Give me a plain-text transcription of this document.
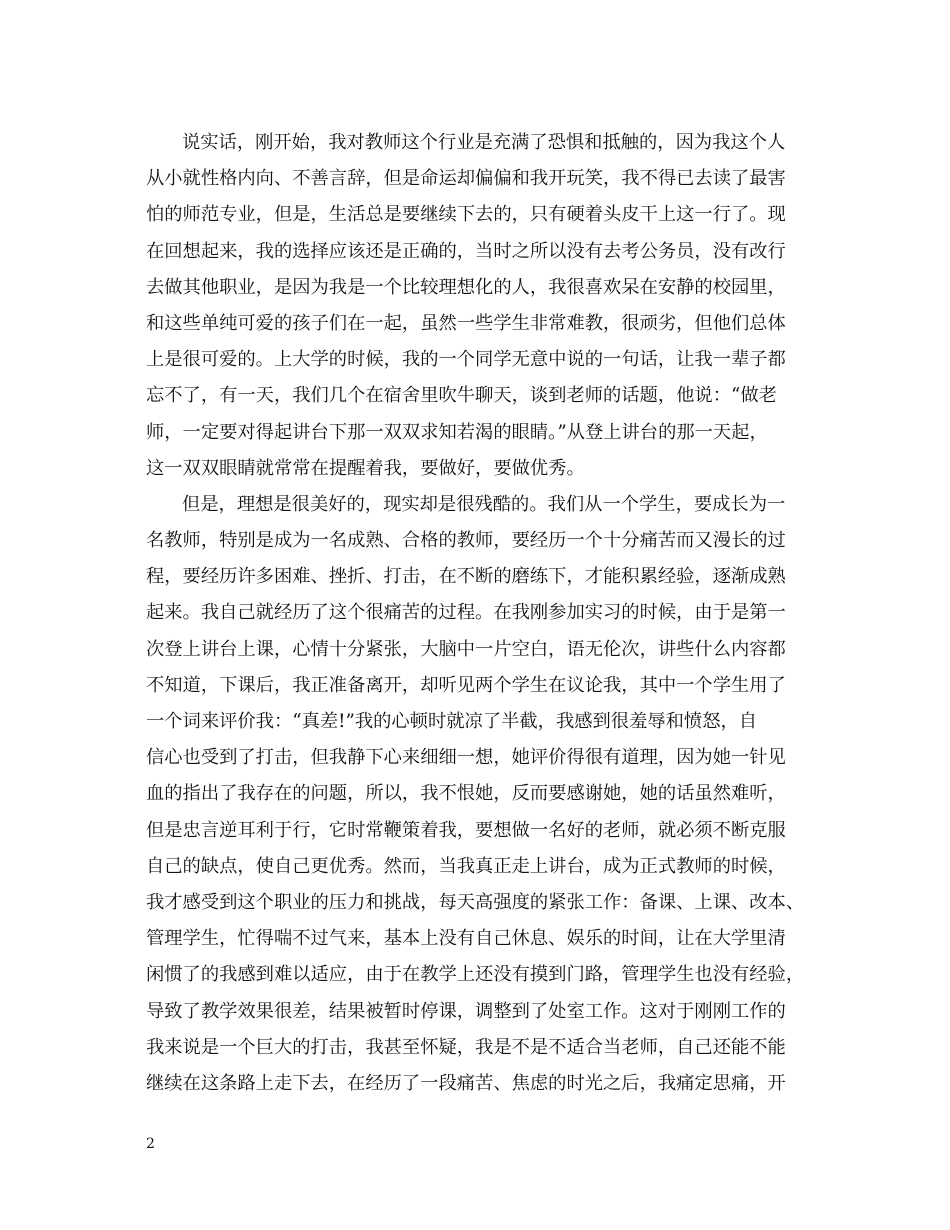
说实话，刚开始，我对教师这个行业是充满了恐惧和抵触的，因为我这个人
从小就性格内向、不善言辞，但是命运却偏偏和我开玩笑，我不得已去读了最害
怕的师范专业，但是，生活总是要继续下去的，只有硬着头皮干上这一行了。现
在回想起来，我的选择应该还是正确的，当时之所以没有去考公务员，没有改行
去做其他职业，是因为我是一个比较理想化的人，我很喜欢呆在安静的校园里，
和这些单纯可爱的孩子们在一起，虽然一些学生非常难教，很顽劣，但他们总体
上是很可爱的。上大学的时候，我的一个同学无意中说的一句话，让我一辈子都
忘不了，有一天，我们几个在宿舍里吹牛聊天，谈到老师的话题，他说：“做老
师，一定要对得起讲台下那一双双求知若渴的眼睛。”从登上讲台的那一天起，
这一双双眼睛就常常在提醒着我，要做好，要做优秀。
但是，理想是很美好的，现实却是很残酷的。我们从一个学生，要成长为一
名教师，特别是成为一名成熟、合格的教师，要经历一个十分痛苦而又漫长的过
程，要经历许多困难、挫折、打击，在不断的磨练下，才能积累经验，逐渐成熟
起来。我自己就经历了这个很痛苦的过程。在我刚参加实习的时候，由于是第一
次登上讲台上课，心情十分紧张，大脑中一片空白，语无伦次，讲些什么内容都
不知道，下课后，我正准备离开，却听见两个学生在议论我，其中一个学生用了
一个词来评价我：“真差!”我的心顿时就凉了半截，我感到很羞辱和愤怒，自
信心也受到了打击，但我静下心来细细一想，她评价得很有道理，因为她一针见
血的指出了我存在的问题，所以，我不恨她，反而要感谢她，她的话虽然难听，
但是忠言逆耳利于行，它时常鞭策着我，要想做一名好的老师，就必须不断克服
自己的缺点，使自己更优秀。然而，当我真正走上讲台，成为正式教师的时候，
我才感受到这个职业的压力和挑战，每天高强度的紧张工作：备课、上课、改本、
管理学生，忙得喘不过气来，基本上没有自己休息、娱乐的时间，让在大学里清
闲惯了的我感到难以适应，由于在教学上还没有摸到门路，管理学生也没有经验，
导致了教学效果很差，结果被暂时停课，调整到了处室工作。这对于刚刚工作的
我来说是一个巨大的打击，我甚至怀疑，我是不是不适合当老师，自己还能不能
继续在这条路上走下去，在经历了一段痛苦、焦虑的时光之后，我痛定思痛，开
2
